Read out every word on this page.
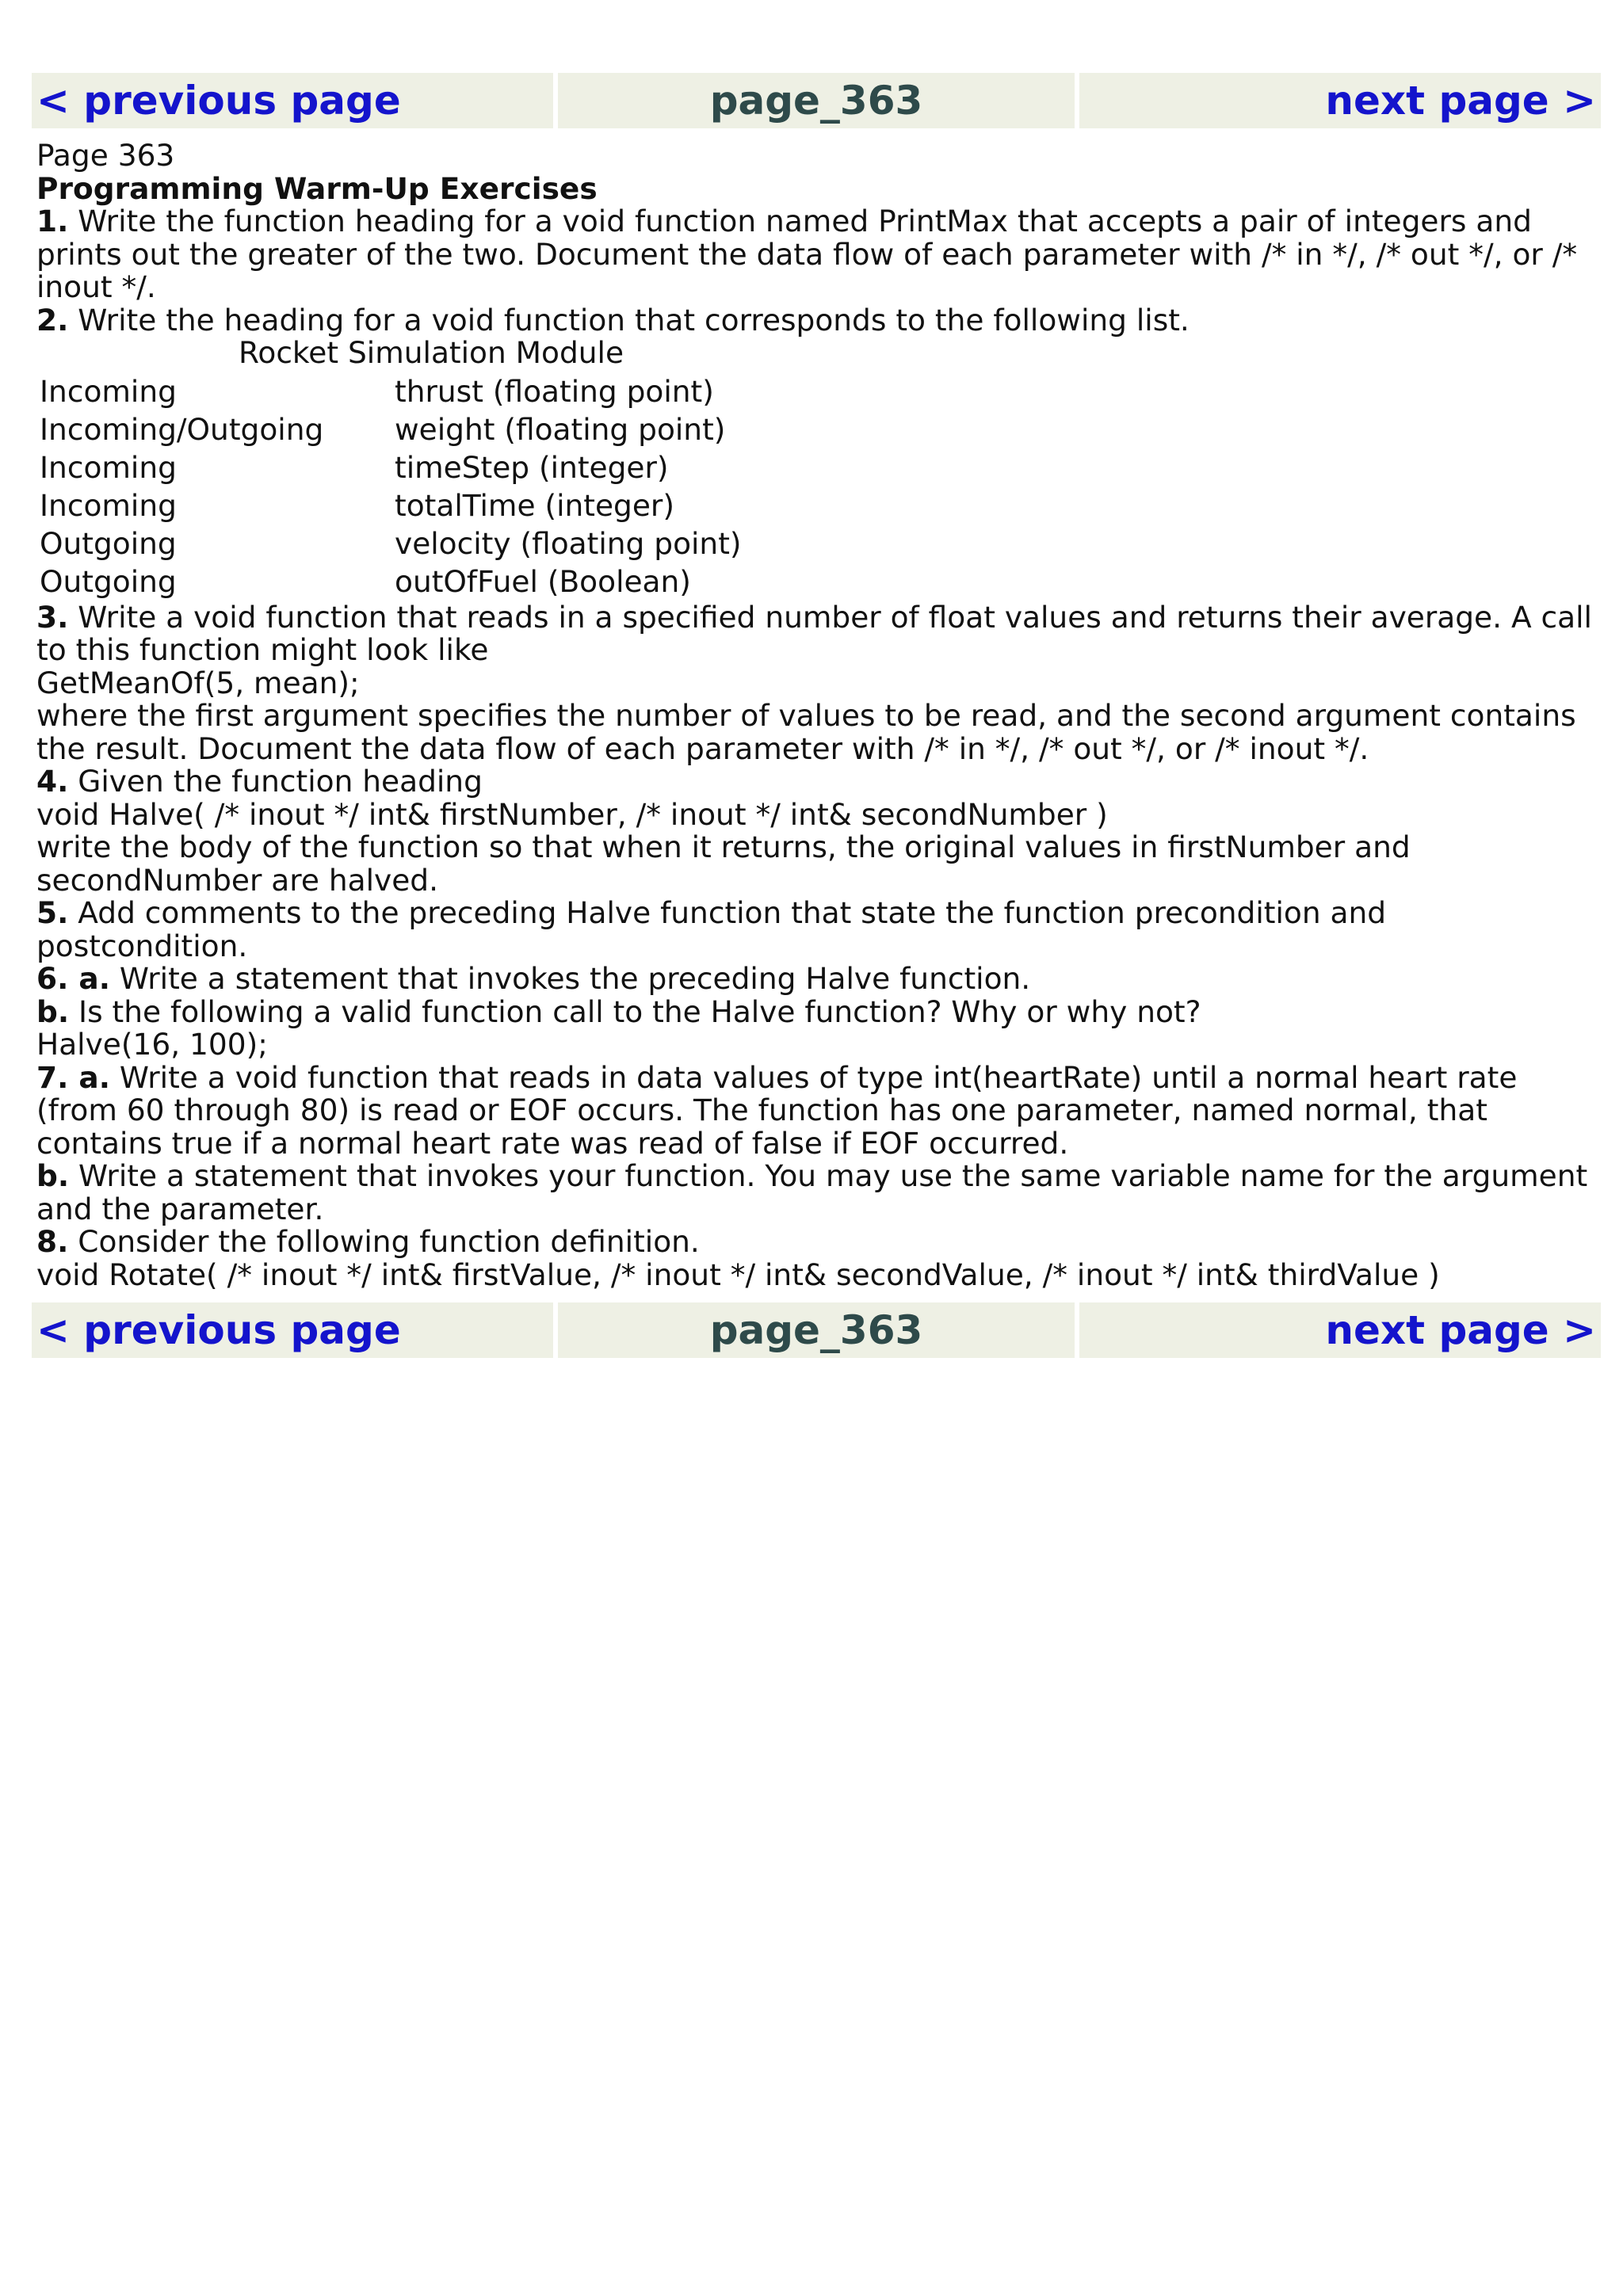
< previous page	page_363	next page >

Page 363

Programming Warm-Up Exercises

1. Write the function heading for a void function named PrintMax that accepts a pair of integers and prints out the greater of the two. Document the data flow of each parameter with /* in */, /* out */, or /* inout */.

2. Write the heading for a void function that corresponds to the following list.

Rocket Simulation Module

Incoming	thrust (floating point)
Incoming/Outgoing	weight (floating point)
Incoming	timeStep (integer)
Incoming	totalTime (integer)
Outgoing	velocity (floating point)
Outgoing	outOfFuel (Boolean)

3. Write a void function that reads in a specified number of float values and returns their average. A call to this function might look like

GetMeanOf(5, mean);

where the first argument specifies the number of values to be read, and the second argument contains the result. Document the data flow of each parameter with /* in */, /* out */, or /* inout */.

4. Given the function heading

void Halve( /* inout */ int& firstNumber, /* inout */ int& secondNumber )

write the body of the function so that when it returns, the original values in firstNumber and secondNumber are halved.

5. Add comments to the preceding Halve function that state the function precondition and postcondition.

6. a. Write a statement that invokes the preceding Halve function.

b. Is the following a valid function call to the Halve function? Why or why not?

Halve(16, 100);

7. a. Write a void function that reads in data values of type int(heartRate) until a normal heart rate (from 60 through 80) is read or EOF occurs. The function has one parameter, named normal, that contains true if a normal heart rate was read of false if EOF occurred.

b. Write a statement that invokes your function. You may use the same variable name for the argument and the parameter.

8. Consider the following function definition.

void Rotate( /* inout */ int& firstValue, /* inout */ int& secondValue, /* inout */ int& thirdValue )

< previous page	page_363	next page >
